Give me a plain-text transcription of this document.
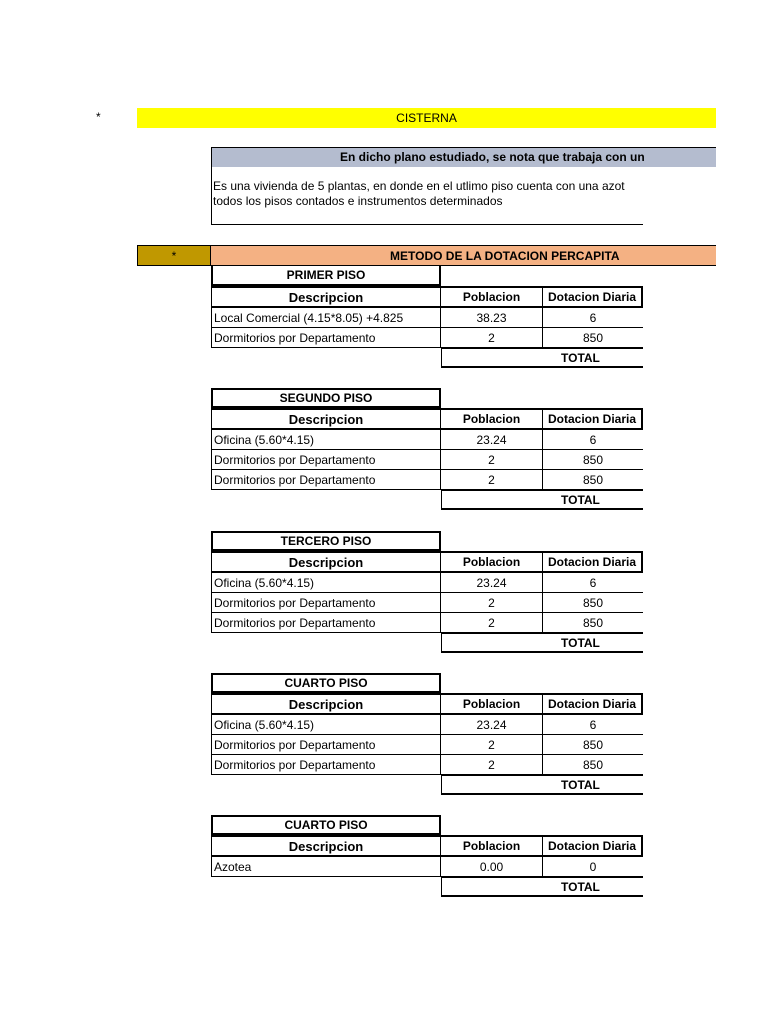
*	CISTERNA
En dicho plano estudiado, se nota que trabaja con un
Es una vivienda de 5 plantas, en donde en el utlimo piso cuenta con una azot
todos los pisos contados e instrumentos determinados
*	METODO DE LA DOTACION PERCAPITA
PRIMER PISO
Descripcion	Poblacion	Dotacion Diaria
Local Comercial (4.15*8.05) +4.825	38.23	6
Dormitorios por Departamento	2	850
TOTAL
SEGUNDO PISO
Descripcion	Poblacion	Dotacion Diaria
Oficina (5.60*4.15)	23.24	6
Dormitorios por Departamento	2	850
Dormitorios por Departamento	2	850
TOTAL
TERCERO PISO
Descripcion	Poblacion	Dotacion Diaria
Oficina (5.60*4.15)	23.24	6
Dormitorios por Departamento	2	850
Dormitorios por Departamento	2	850
TOTAL
CUARTO PISO
Descripcion	Poblacion	Dotacion Diaria
Oficina (5.60*4.15)	23.24	6
Dormitorios por Departamento	2	850
Dormitorios por Departamento	2	850
TOTAL
CUARTO PISO
Descripcion	Poblacion	Dotacion Diaria
Azotea	0.00	0
TOTAL
